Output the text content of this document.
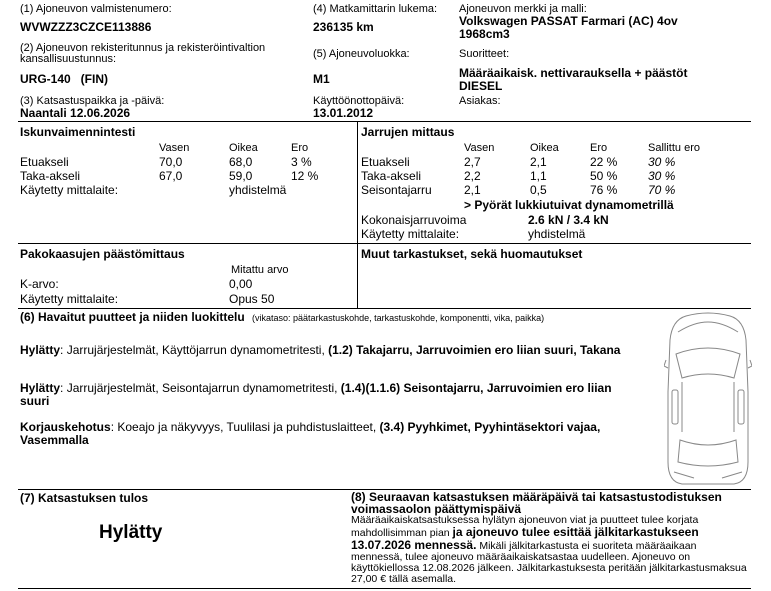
(1) Ajoneuvon valmistenumero:
WVWZZZ3CZCE113886
(4) Matkamittarin lukema:
236135 km
Ajoneuvon merkki ja malli:
Volkswagen PASSAT Farmari (AC) 4ov
1968cm3
(2) Ajoneuvon rekisteritunnus ja rekisteröintivaltion
kansallisuustunnus:
URG-140   (FIN)
(5) Ajoneuvoluokka:
M1
Suoritteet:
Määräaikaisk. nettivarauksella + päästöt
DIESEL
(3) Katsastuspaikka ja -päivä:
Naantali 12.06.2026
Käyttöönottopäivä:
13.01.2012
Asiakas:
Iskunvaimennintesti
Vasen	Oikea	Ero
Etuakseli	70,0	68,0	3 %
Taka-akseli	67,0	59,0	12 %
Käytetty mittalaite:	yhdistelmä
Jarrujen mittaus
Vasen	Oikea	Ero	Sallittu ero
Etuakseli	2,7	2,1	22 %	30 %
Taka-akseli	2,2	1,1	50 %	30 %
Seisontajarru	2,1	0,5	76 %	70 %
> Pyörät lukkiutuivat dynamometrillä
Kokonaisjarruvoima	2.6 kN / 3.4 kN
Käytetty mittalaite:	yhdistelmä
Pakokaasujen päästömittaus
Mitattu arvo
K-arvo:	0,00
Käytetty mittalaite:	Opus 50
Muut tarkastukset, sekä huomautukset
(6) Havaitut puutteet ja niiden luokittelu (vikataso: päätarkastuskohde, tarkastuskohde, komponentti, vika, paikka)
Hylätty: Jarrujärjestelmät, Käyttöjarrun dynamometritesti, (1.2) Takajarru, Jarruvoimien ero liian suuri, Takana
Hylätty: Jarrujärjestelmät, Seisontajarrun dynamometritesti, (1.4)(1.1.6) Seisontajarru, Jarruvoimien ero liian suuri
Korjauskehotus: Koeajo ja näkyvyys, Tuulilasi ja puhdistuslaitteet, (3.4) Pyyhkimet, Pyyhintäsektori vajaa, Vasemmalla
(7) Katsastuksen tulos
Hylätty
(8) Seuraavan katsastuksen määräpäivä tai katsastustodistuksen voimassaolon päättymispäivä
Määräaikaiskatsastuksessa hylätyn ajoneuvon viat ja puutteet tulee korjata mahdollisimman pian ja ajoneuvo tulee esittää jälkitarkastukseen 13.07.2026 mennessä. Mikäli jälkitarkastusta ei suoriteta määräaikaan mennessä, tulee ajoneuvo määräaikaiskatsastaa uudelleen. Ajoneuvo on käyttökiellossa 12.08.2026 jälkeen. Jälkitarkastuksesta peritään jälkitarkastusmaksua 27,00 € tällä asemalla.
